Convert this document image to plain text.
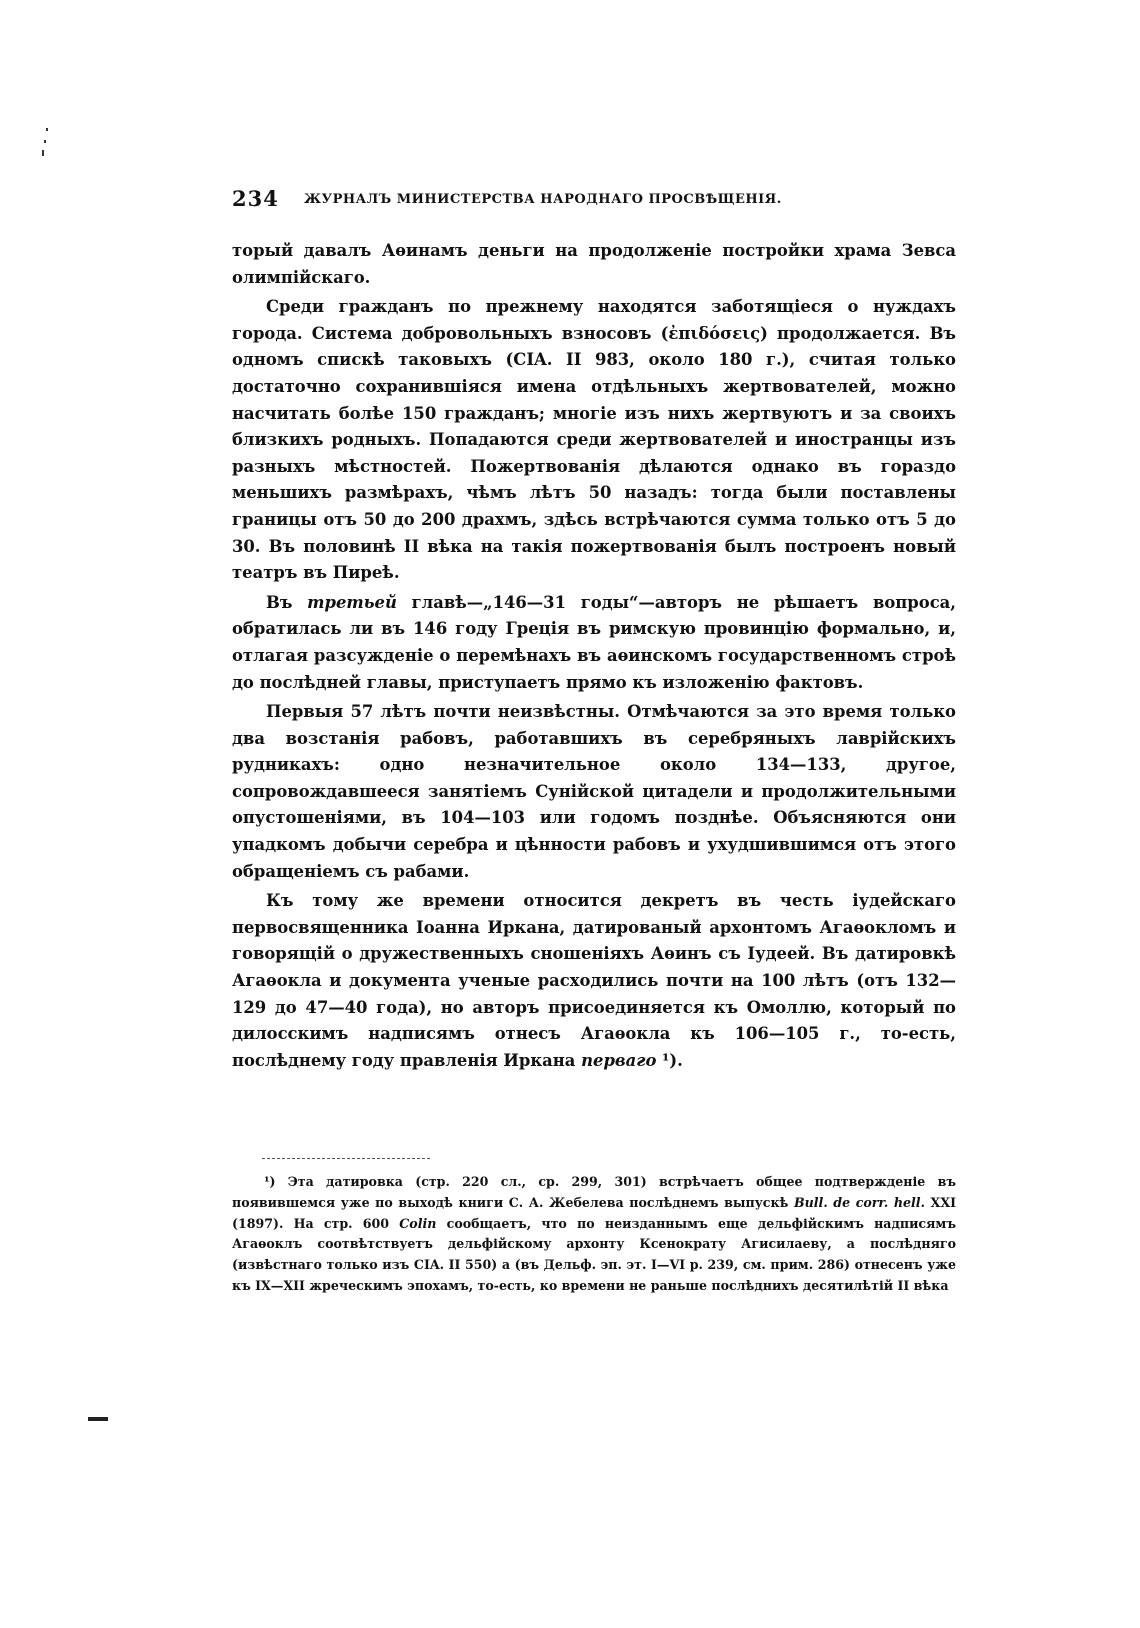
234 ЖУРНАЛЪ МИНИСТЕРСТВА НАРОДНАГО ПРОСВѢЩЕНІЯ.

торый давалъ Аѳинамъ деньги на продолженіе постройки храма Зевса олимпійскаго.

Среди гражданъ по прежнему находятся заботящіеся о нуждахъ города. Система добровольныхъ взносовъ (ἐπιδόσεις) продолжается. Въ одномъ спискѣ таковыхъ (CIA. II 983, около 180 г.), считая только достаточно сохранившіяся имена отдѣльныхъ жертвователей, можно насчитать болѣе 150 гражданъ; многіе изъ нихъ жертвуютъ и за своихъ близкихъ родныхъ. Попадаются среди жертвователей и иностранцы изъ разныхъ мѣстностей. Пожертвованія дѣлаются однако въ гораздо меньшихъ размѣрахъ, чѣмъ лѣтъ 50 назадъ: тогда были поставлены границы отъ 50 до 200 драхмъ, здѣсь встрѣчаются сумма только отъ 5 до 30. Въ половинѣ II вѣка на такія пожертвованія былъ построенъ новый театръ въ Пиреѣ.

Въ третьей главѣ—„146—31 годы“—авторъ не рѣшаетъ вопроса, обратилась ли въ 146 году Греція въ римскую провинцію формально, и, отлагая разсужденіе о перемѣнахъ въ аѳинскомъ государственномъ строѣ до послѣдней главы, приступаетъ прямо къ изложенію фактовъ.

Первыя 57 лѣтъ почти неизвѣстны. Отмѣчаются за это время только два возстанія рабовъ, работавшихъ въ серебряныхъ лаврійскихъ рудникахъ: одно незначительное около 134—133, другое, сопровождавшееся занятіемъ Сунійской цитадели и продолжительными опустошеніями, въ 104—103 или годомъ позднѣе. Объясняются они упадкомъ добычи серебра и цѣнности рабовъ и ухудшившимся отъ этого обращеніемъ съ рабами.

Къ тому же времени относится декретъ въ честь іудейскаго первосвященника Іоанна Иркана, датированый архонтомъ Агаѳокломъ и говорящій о дружественныхъ сношеніяхъ Аѳинъ съ Іудеей. Въ датировкѣ Агаѳокла и документа ученые расходились почти на 100 лѣтъ (отъ 132—129 до 47—40 года), но авторъ присоединяется къ Омоллю, который по дилосскимъ надписямъ отнесъ Агаѳокла къ 106—105 г., то-есть, послѣднему году правленія Иркана перваго ¹).

¹) Эта датировка (стр. 220 сл., ср. 299, 301) встрѣчаетъ общее подтвержденіе въ появившемся уже по выходѣ книги С. А. Жебелева послѣднемъ выпускѣ Bull. de corr. hell. XXI (1897). На стр. 600 Colin сообщаетъ, что по неизданнымъ еще дельфійскимъ надписямъ Агаѳоклъ соотвѣтствуетъ дельфійскому архонту Ксенократу Агисилаеву, а послѣдняго (извѣстнаго только изъ CIA. II 550) а (въ Дельф. эп. эт. I—VI р. 239, см. прим. 286) отнесенъ уже къ IX—XII жреческимъ эпохамъ, то-есть, ко времени не раньше послѣднихъ десятилѣтій II вѣка
